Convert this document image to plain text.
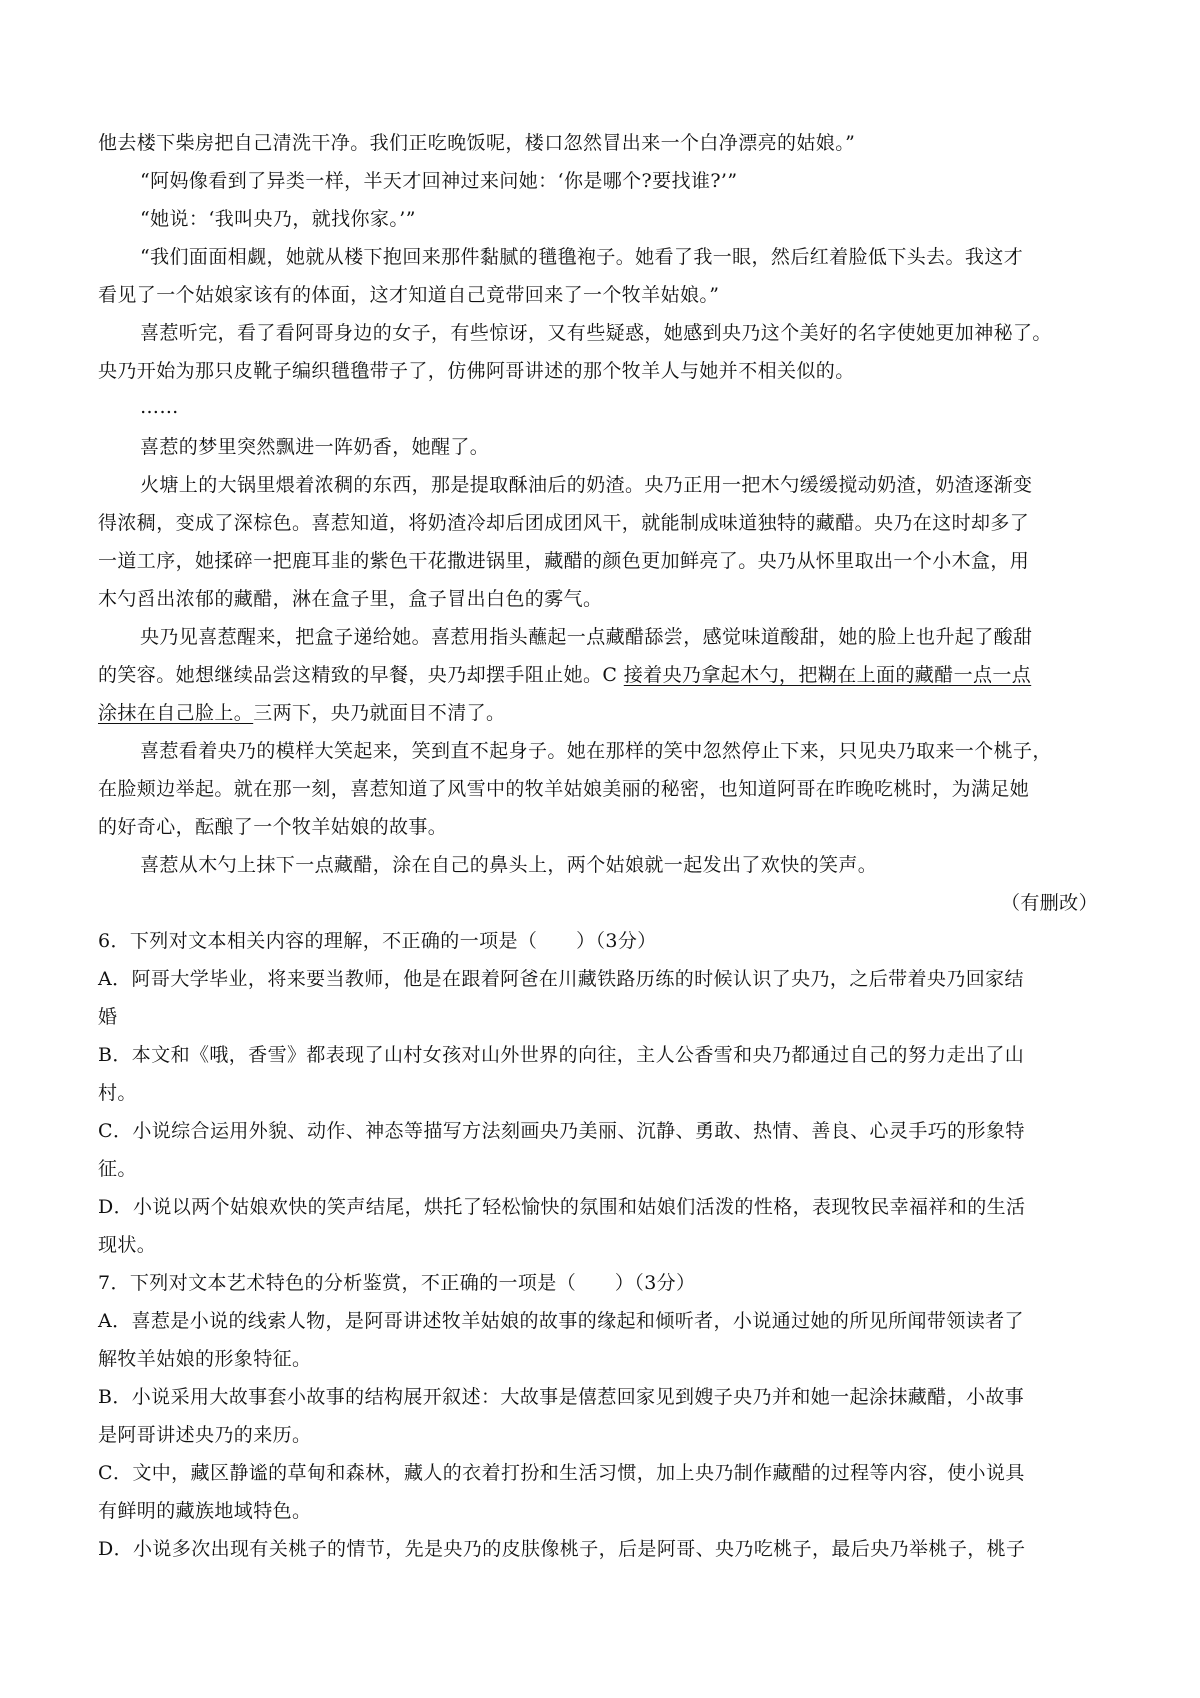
他去楼下柴房把自己清洗干净。我们正吃晚饭呢，楼口忽然冒出来一个白净漂亮的姑娘。”
“阿妈像看到了异类一样，半天才回神过来问她：‘你是哪个?要找谁?’”
“她说：‘我叫央乃，就找你家。’”
“我们面面相觑，她就从楼下抱回来那件黏腻的氆氇袍子。她看了我一眼，然后红着脸低下头去。我这才
看见了一个姑娘家该有的体面，这才知道自己竟带回来了一个牧羊姑娘。”
喜惹听完，看了看阿哥身边的女子，有些惊讶，又有些疑惑，她感到央乃这个美好的名字使她更加神秘了。
央乃开始为那只皮靴子编织氆氇带子了，仿佛阿哥讲述的那个牧羊人与她并不相关似的。
……
喜惹的梦里突然飘进一阵奶香，她醒了。
火塘上的大锅里煨着浓稠的东西，那是提取酥油后的奶渣。央乃正用一把木勺缓缓搅动奶渣，奶渣逐渐变
得浓稠，变成了深棕色。喜惹知道，将奶渣冷却后团成团风干，就能制成味道独特的藏醋。央乃在这时却多了
一道工序，她揉碎一把鹿耳韭的紫色干花撒进锅里，藏醋的颜色更加鲜亮了。央乃从怀里取出一个小木盒，用
木勺舀出浓郁的藏醋，淋在盒子里，盒子冒出白色的雾气。
央乃见喜惹醒来，把盒子递给她。喜惹用指头蘸起一点藏醋舔尝，感觉味道酸甜，她的脸上也升起了酸甜
的笑容。她想继续品尝这精致的早餐，央乃却摆手阻止她。C 接着央乃拿起木勺，把糊在上面的藏醋一点一点
涂抹在自己脸上。三两下，央乃就面目不清了。
喜惹看着央乃的模样大笑起来，笑到直不起身子。她在那样的笑中忽然停止下来，只见央乃取来一个桃子，
在脸颊边举起。就在那一刻，喜惹知道了风雪中的牧羊姑娘美丽的秘密，也知道阿哥在昨晚吃桃时，为满足她
的好奇心，酝酿了一个牧羊姑娘的故事。
喜惹从木勺上抹下一点藏醋，涂在自己的鼻头上，两个姑娘就一起发出了欢快的笑声。
（有删改）
6．下列对文本相关内容的理解，不正确的一项是（　　）（3分）
A．阿哥大学毕业，将来要当教师，他是在跟着阿爸在川藏铁路历练的时候认识了央乃，之后带着央乃回家结
婚
B．本文和《哦，香雪》都表现了山村女孩对山外世界的向往，主人公香雪和央乃都通过自己的努力走出了山
村。
C．小说综合运用外貌、动作、神态等描写方法刻画央乃美丽、沉静、勇敢、热情、善良、心灵手巧的形象特
征。
D．小说以两个姑娘欢快的笑声结尾，烘托了轻松愉快的氛围和姑娘们活泼的性格，表现牧民幸福祥和的生活
现状。
7．下列对文本艺术特色的分析鉴赏，不正确的一项是（　　）（3分）
A．喜惹是小说的线索人物，是阿哥讲述牧羊姑娘的故事的缘起和倾听者，小说通过她的所见所闻带领读者了
解牧羊姑娘的形象特征。
B．小说采用大故事套小故事的结构展开叙述：大故事是僖惹回家见到嫂子央乃并和她一起涂抹藏醋，小故事
是阿哥讲述央乃的来历。
C．文中，藏区静谧的草甸和森林，藏人的衣着打扮和生活习惯，加上央乃制作藏醋的过程等内容，使小说具
有鲜明的藏族地域特色。
D．小说多次出现有关桃子的情节，先是央乃的皮肤像桃子，后是阿哥、央乃吃桃子，最后央乃举桃子，桃子
